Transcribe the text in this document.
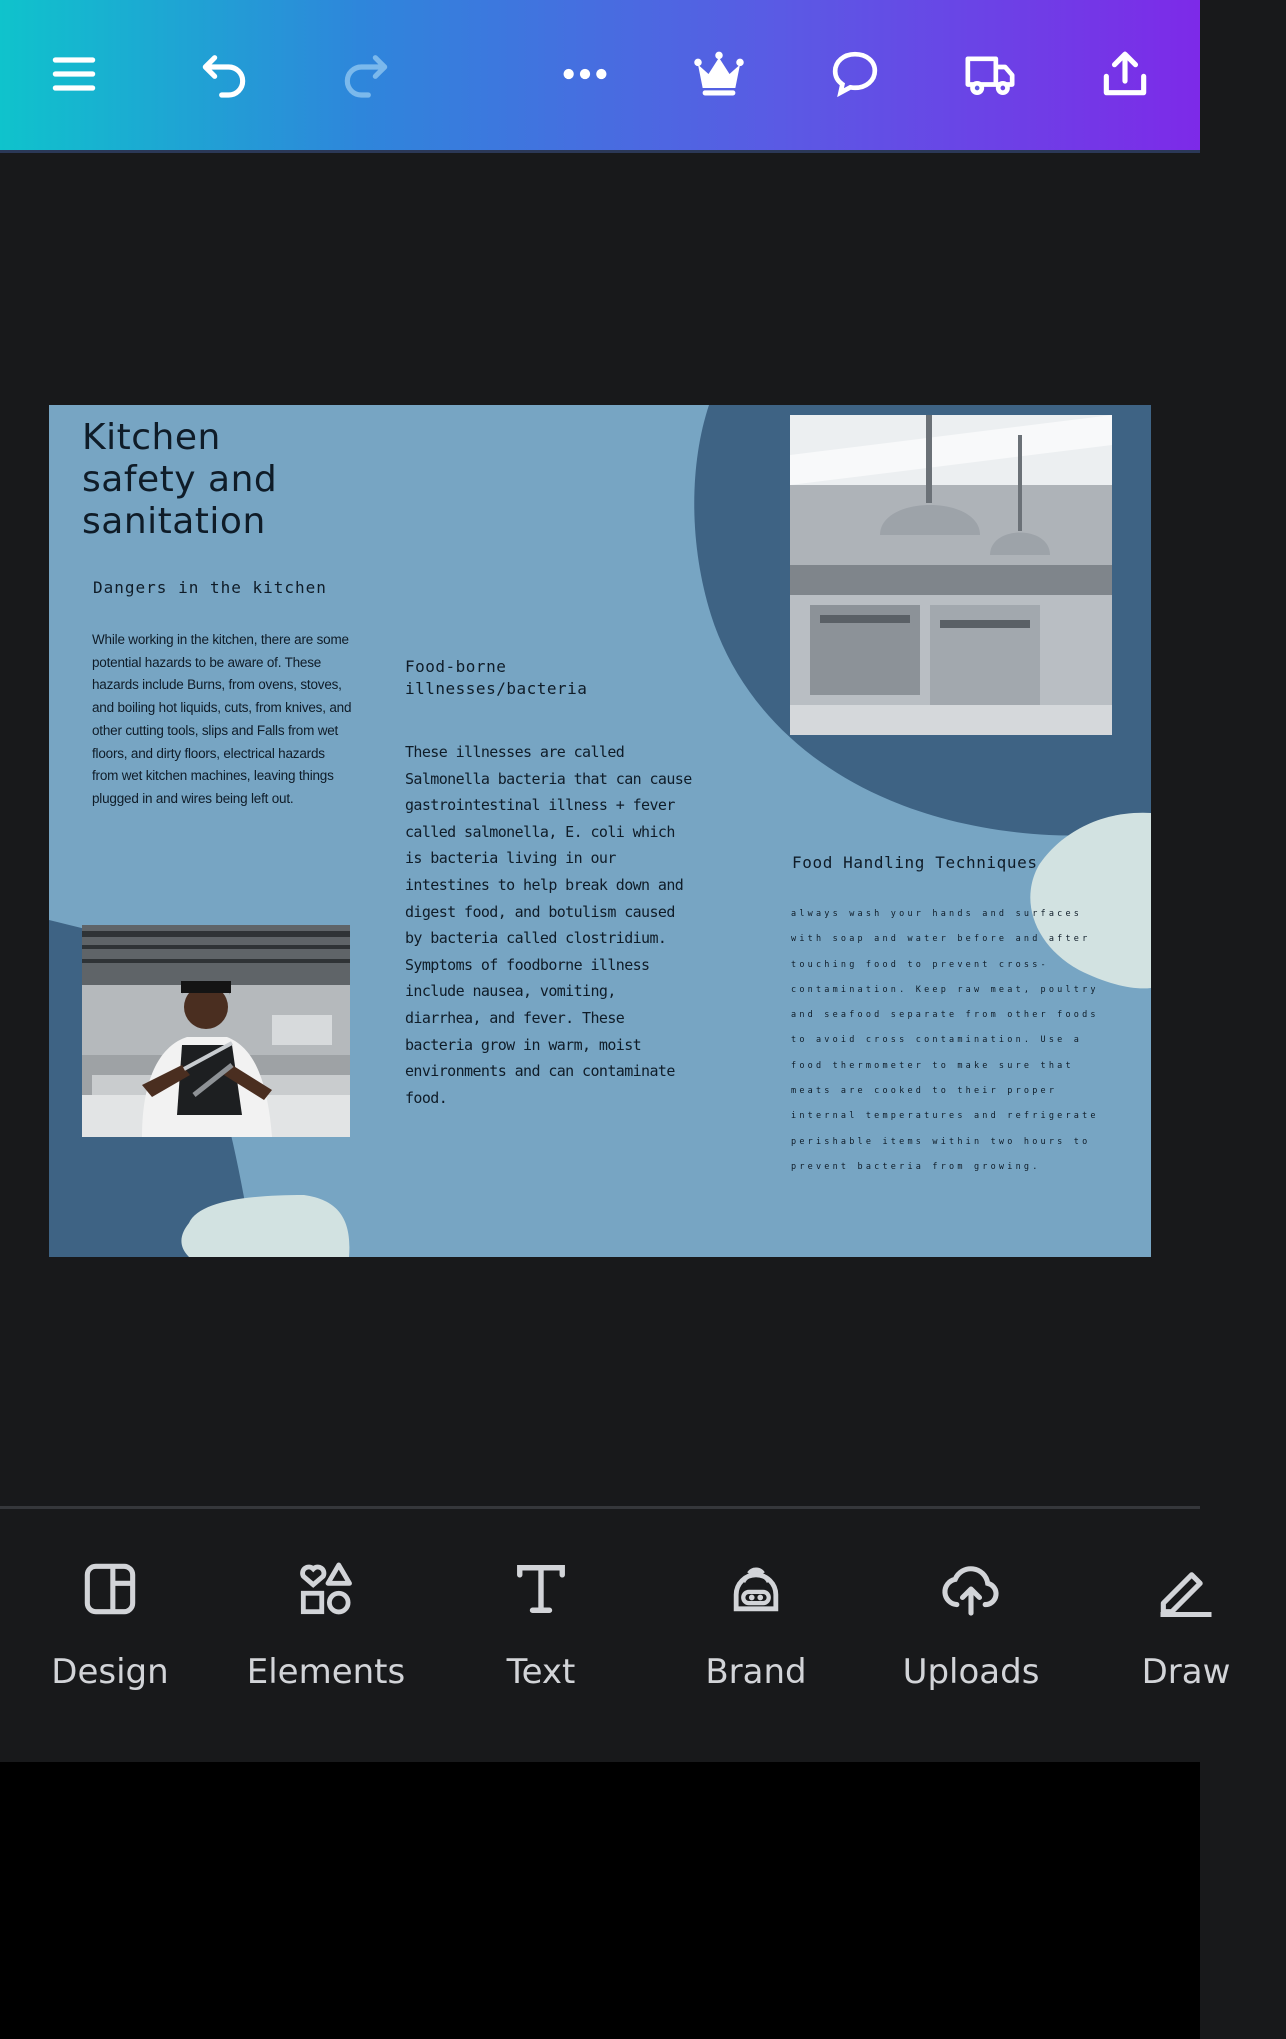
Kitchen safety and sanitation
Dangers in the kitchen
While working in the kitchen, there are some potential hazards to be aware of. These hazards include Burns, from ovens, stoves, and boiling hot liquids, cuts, from knives, and other cutting tools, slips and Falls from wet floors, and dirty floors, electrical hazards from wet kitchen machines, leaving things plugged in and wires being left out.
Food-borne illnesses/bacteria
These illnesses are called Salmonella bacteria that can cause gastrointestinal illness + fever called salmonella, E. coli which is bacteria living in our intestines to help break down and digest food, and botulism caused by bacteria called clostridium. Symptoms of foodborne illness include nausea, vomiting, diarrhea, and fever. These bacteria grow in warm, moist environments and can contaminate food.
Food Handling Techniques
always wash your hands and surfaces with soap and water before and after touching food to prevent cross-contamination. Keep raw meat, poultry and seafood separate from other foods to avoid cross contamination. Use a food thermometer to make sure that meats are cooked to their proper internal temperatures and refrigerate perishable items within two hours to prevent bacteria from growing.
Design	Elements	Text	Brand	Uploads	Draw
